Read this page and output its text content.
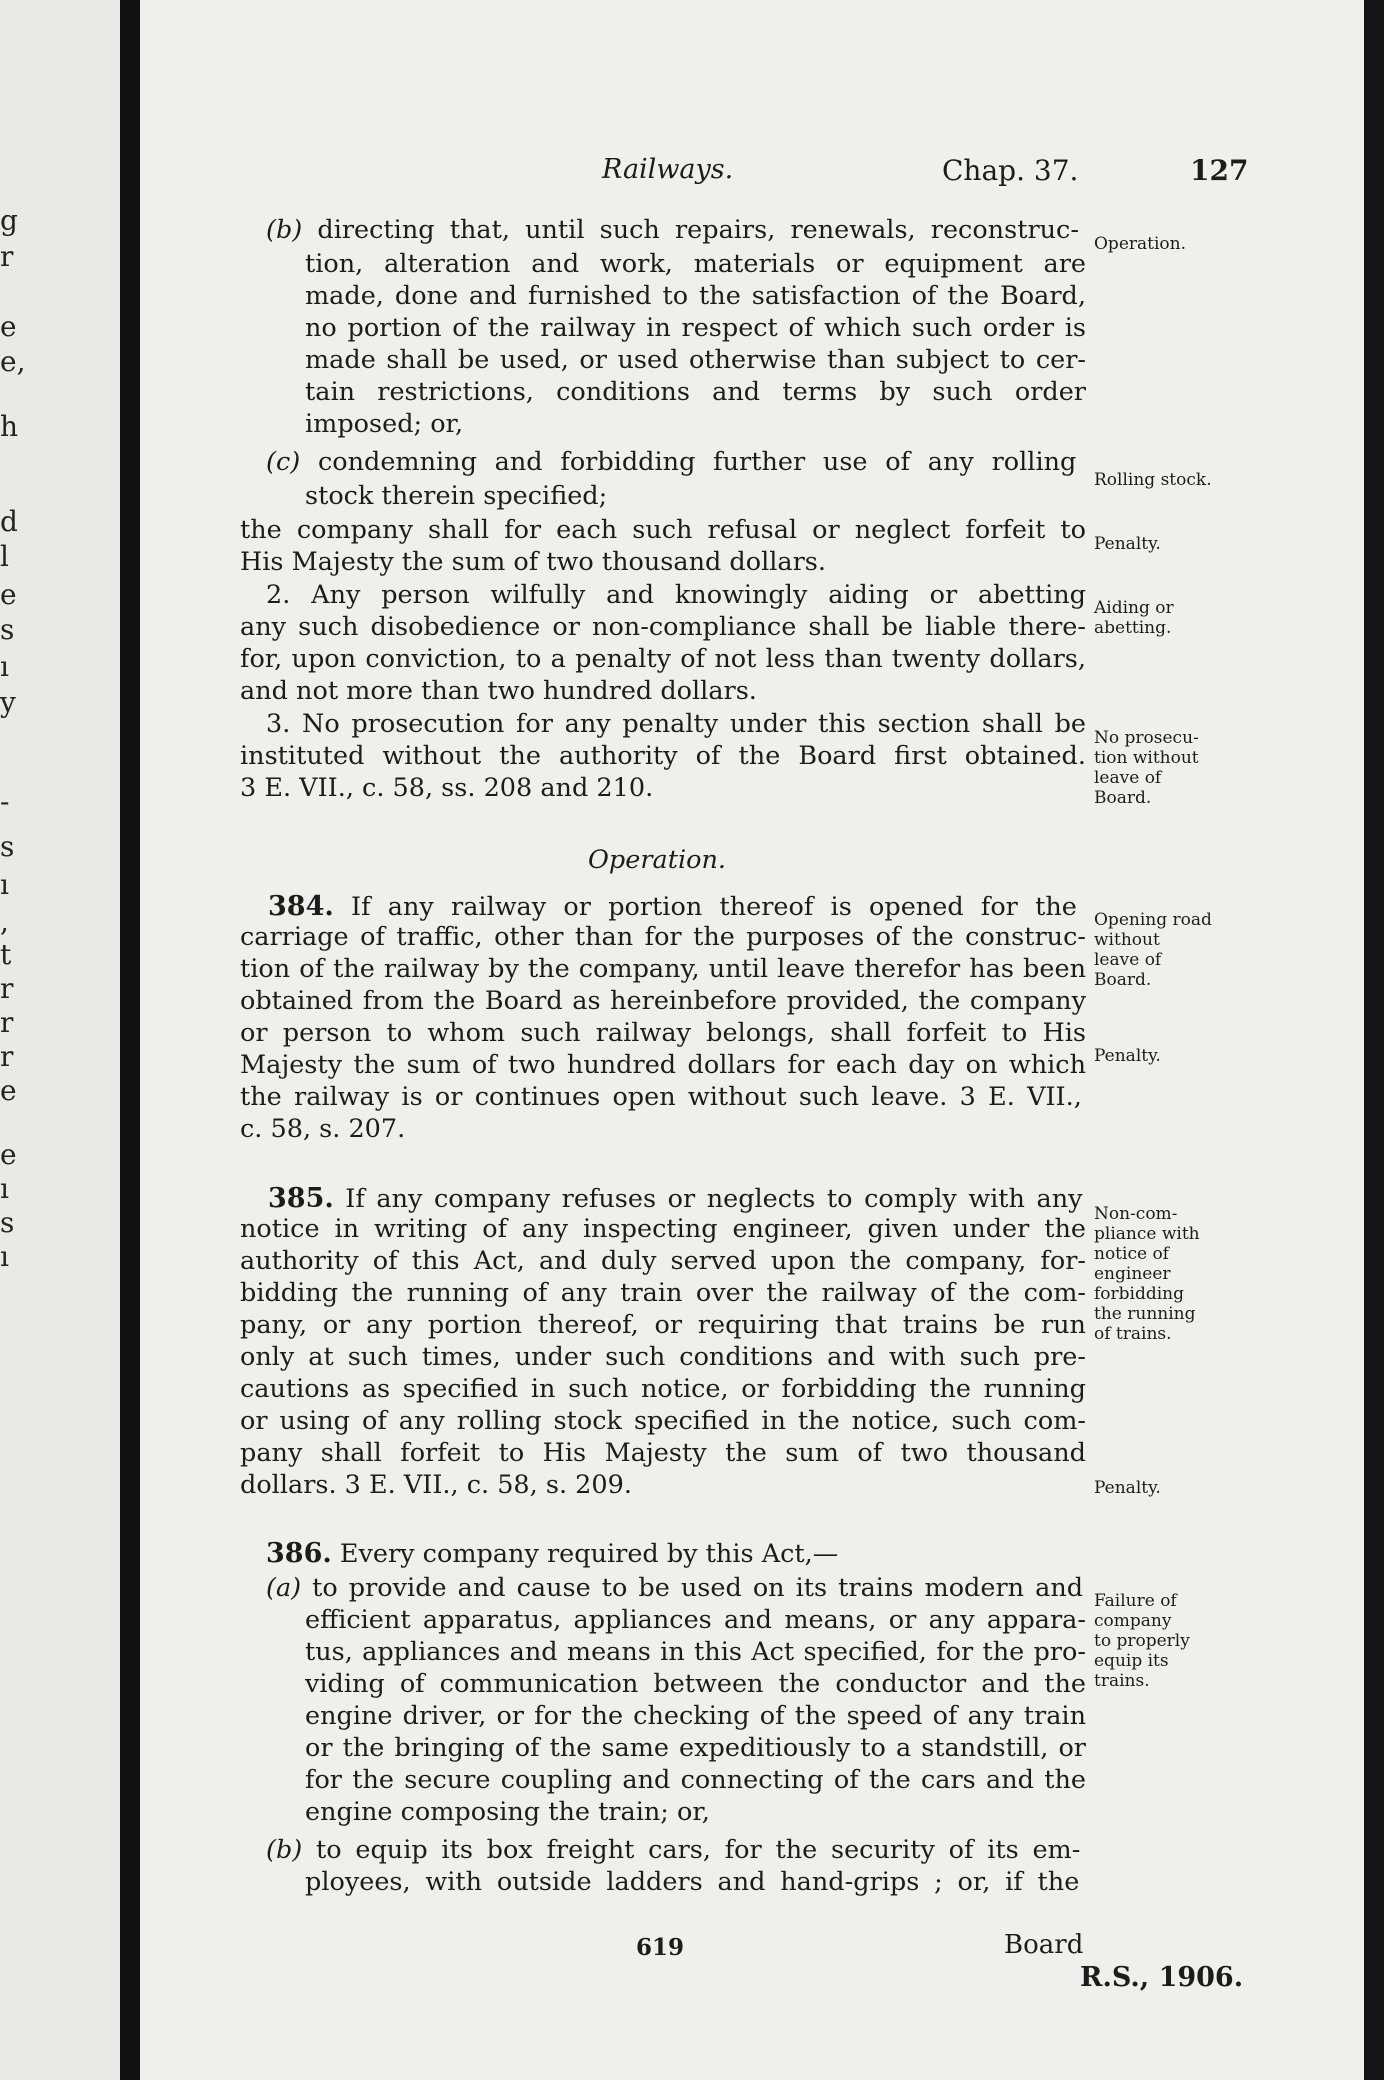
g
r
e
e,
h
d
l
e
s
ı
y
-
s
ı
,
t
r
r
r
e
e
ı
s
ı
Railways.	Chap. 37.	127
619	Board
R.S., 1906.
(b) directing that, until such repairs, renewals, reconstruc-
tion, alteration and work, materials or equipment are
made, done and furnished to the satisfaction of the Board,
no portion of the railway in respect of which such order is
made shall be used, or used otherwise than subject to cer-
tain restrictions, conditions and terms by such order
imposed; or,
(c) condemning and forbidding further use of any rolling
stock therein specified;
the company shall for each such refusal or neglect forfeit to
His Majesty the sum of two thousand dollars.
2. Any person wilfully and knowingly aiding or abetting
any such disobedience or non-compliance shall be liable there-
for, upon conviction, to a penalty of not less than twenty dollars,
and not more than two hundred dollars.
3. No prosecution for any penalty under this section shall be
instituted without the authority of the Board first obtained.
3 E. VII., c. 58, ss. 208 and 210.
Operation.
384. If any railway or portion thereof is opened for the
carriage of traffic, other than for the purposes of the construc-
tion of the railway by the company, until leave therefor has been
obtained from the Board as hereinbefore provided, the company
or person to whom such railway belongs, shall forfeit to His
Majesty the sum of two hundred dollars for each day on which
the railway is or continues open without such leave. 3 E. VII.,
c. 58, s. 207.
385. If any company refuses or neglects to comply with any
notice in writing of any inspecting engineer, given under the
authority of this Act, and duly served upon the company, for-
bidding the running of any train over the railway of the com-
pany, or any portion thereof, or requiring that trains be run
only at such times, under such conditions and with such pre-
cautions as specified in such notice, or forbidding the running
or using of any rolling stock specified in the notice, such com-
pany shall forfeit to His Majesty the sum of two thousand
dollars. 3 E. VII., c. 58, s. 209.
386. Every company required by this Act,—
(a) to provide and cause to be used on its trains modern and
efficient apparatus, appliances and means, or any appara-
tus, appliances and means in this Act specified, for the pro-
viding of communication between the conductor and the
engine driver, or for the checking of the speed of any train
or the bringing of the same expeditiously to a standstill, or
for the secure coupling and connecting of the cars and the
engine composing the train; or,
(b) to equip its box freight cars, for the security of its em-
ployees, with outside ladders and hand-grips ; or, if the
Operation.
Rolling stock.
Penalty.
Aiding or
abetting.
No prosecu-
tion without
leave of
Board.
Opening road
without
leave of
Board.
Penalty.
Non-com-
pliance with
notice of
engineer
forbidding
the running
of trains.
Penalty.
Failure of
company
to properly
equip its
trains.
